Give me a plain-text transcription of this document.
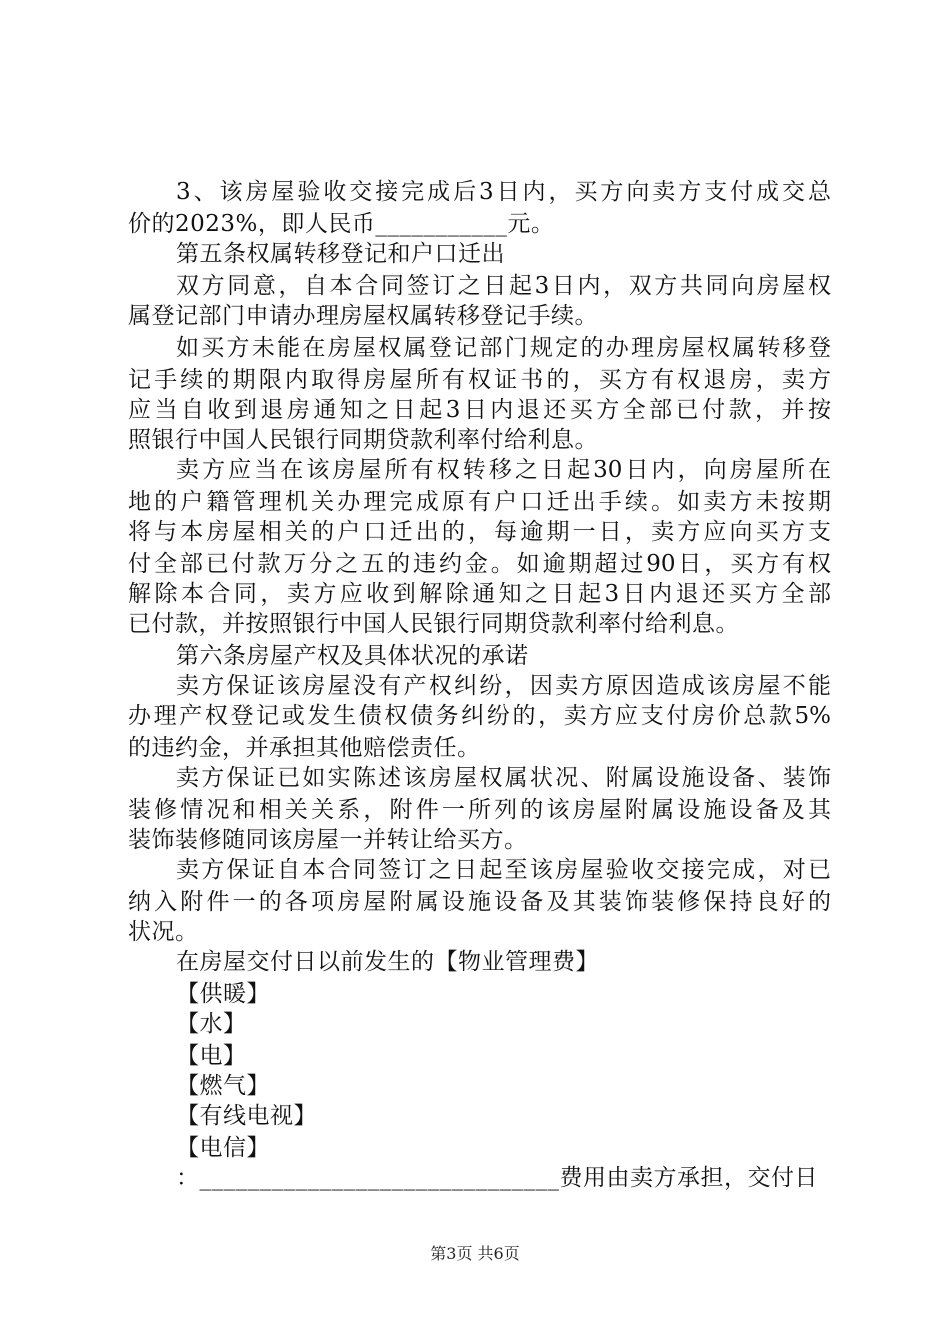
3、该房屋验收交接完成后3日内，买方向卖方支付成交总
价的2023%，即人民币___________元。
第五条权属转移登记和户口迁出
双方同意，自本合同签订之日起3日内，双方共同向房屋权
属登记部门申请办理房屋权属转移登记手续。
如买方未能在房屋权属登记部门规定的办理房屋权属转移登
记手续的期限内取得房屋所有权证书的，买方有权退房，卖方
应当自收到退房通知之日起3日内退还买方全部已付款，并按
照银行中国人民银行同期贷款利率付给利息。
卖方应当在该房屋所有权转移之日起30日内，向房屋所在
地的户籍管理机关办理完成原有户口迁出手续。如卖方未按期
将与本房屋相关的户口迁出的，每逾期一日，卖方应向买方支
付全部已付款万分之五的违约金。如逾期超过90日，买方有权
解除本合同，卖方应收到解除通知之日起3日内退还买方全部
已付款，并按照银行中国人民银行同期贷款利率付给利息。
第六条房屋产权及具体状况的承诺
卖方保证该房屋没有产权纠纷，因卖方原因造成该房屋不能
办理产权登记或发生债权债务纠纷的，卖方应支付房价总款5%
的违约金，并承担其他赔偿责任。
卖方保证已如实陈述该房屋权属状况、附属设施设备、装饰
装修情况和相关关系，附件一所列的该房屋附属设施设备及其
装饰装修随同该房屋一并转让给买方。
卖方保证自本合同签订之日起至该房屋验收交接完成，对已
纳入附件一的各项房屋附属设施设备及其装饰装修保持良好的
状况。
在房屋交付日以前发生的【物业管理费】
【供暖】
【水】
【电】
【燃气】
【有线电视】
【电信】
：______________________________费用由卖方承担，交付日
第3页 共6页
